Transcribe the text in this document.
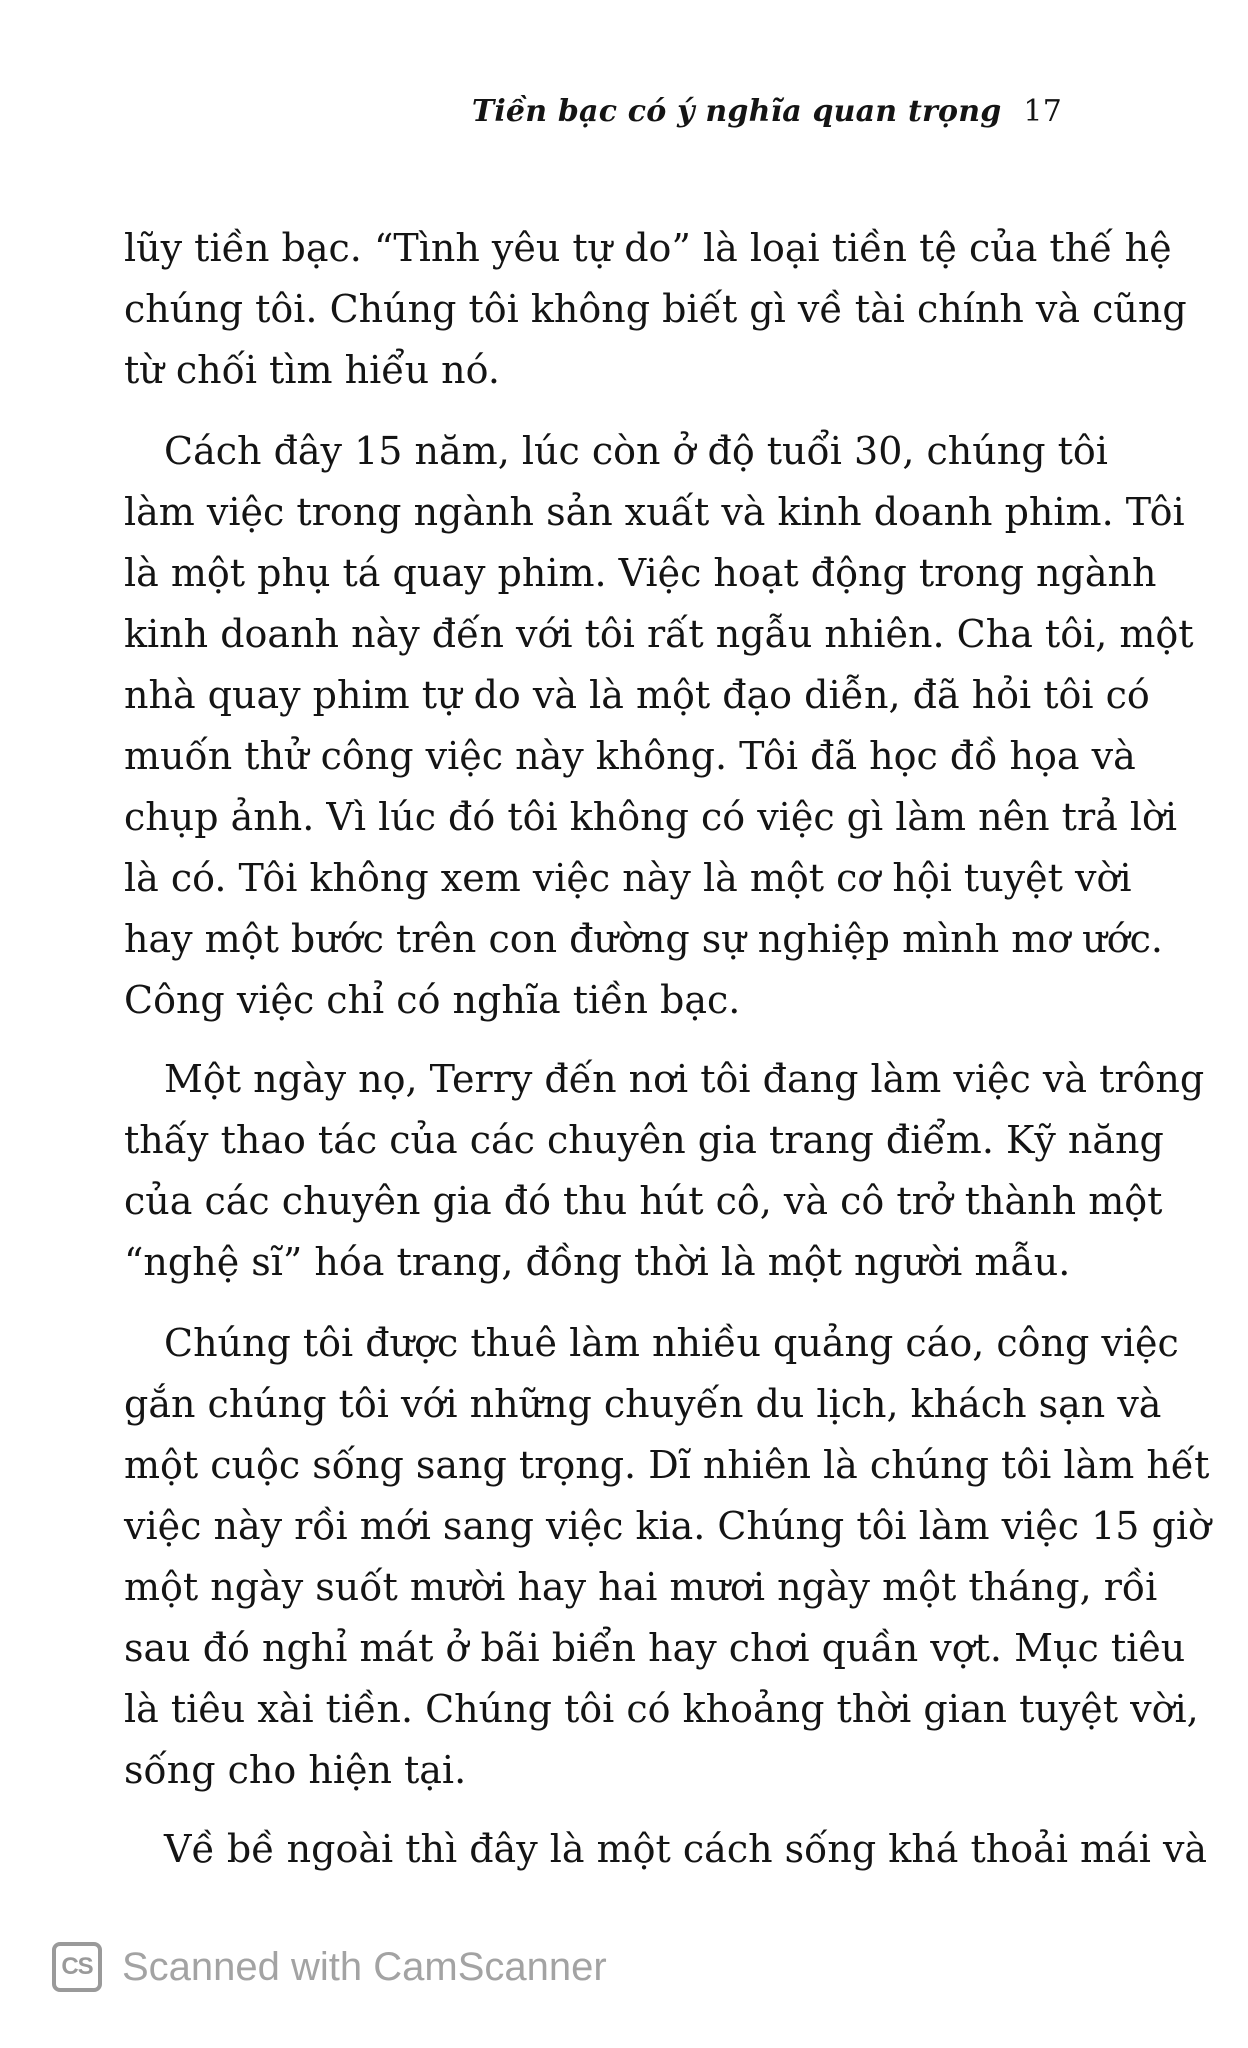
Tiền bạc có ý nghĩa quan trọng 17
lũy tiền bạc. “Tình yêu tự do” là loại tiền tệ của thế hệ
chúng tôi. Chúng tôi không biết gì về tài chính và cũng
từ chối tìm hiểu nó.
Cách đây 15 năm, lúc còn ở độ tuổi 30, chúng tôi
làm việc trong ngành sản xuất và kinh doanh phim. Tôi
là một phụ tá quay phim. Việc hoạt động trong ngành
kinh doanh này đến với tôi rất ngẫu nhiên. Cha tôi, một
nhà quay phim tự do và là một đạo diễn, đã hỏi tôi có
muốn thử công việc này không. Tôi đã học đồ họa và
chụp ảnh. Vì lúc đó tôi không có việc gì làm nên trả lời
là có. Tôi không xem việc này là một cơ hội tuyệt vời
hay một bước trên con đường sự nghiệp mình mơ ước.
Công việc chỉ có nghĩa tiền bạc.
Một ngày nọ, Terry đến nơi tôi đang làm việc và trông
thấy thao tác của các chuyên gia trang điểm. Kỹ năng
của các chuyên gia đó thu hút cô, và cô trở thành một
“nghệ sĩ” hóa trang, đồng thời là một người mẫu.
Chúng tôi được thuê làm nhiều quảng cáo, công việc
gắn chúng tôi với những chuyến du lịch, khách sạn và
một cuộc sống sang trọng. Dĩ nhiên là chúng tôi làm hết
việc này rồi mới sang việc kia. Chúng tôi làm việc 15 giờ
một ngày suốt mười hay hai mươi ngày một tháng, rồi
sau đó nghỉ mát ở bãi biển hay chơi quần vợt. Mục tiêu
là tiêu xài tiền. Chúng tôi có khoảng thời gian tuyệt vời,
sống cho hiện tại.
Về bề ngoài thì đây là một cách sống khá thoải mái và
CS Scanned with CamScanner
